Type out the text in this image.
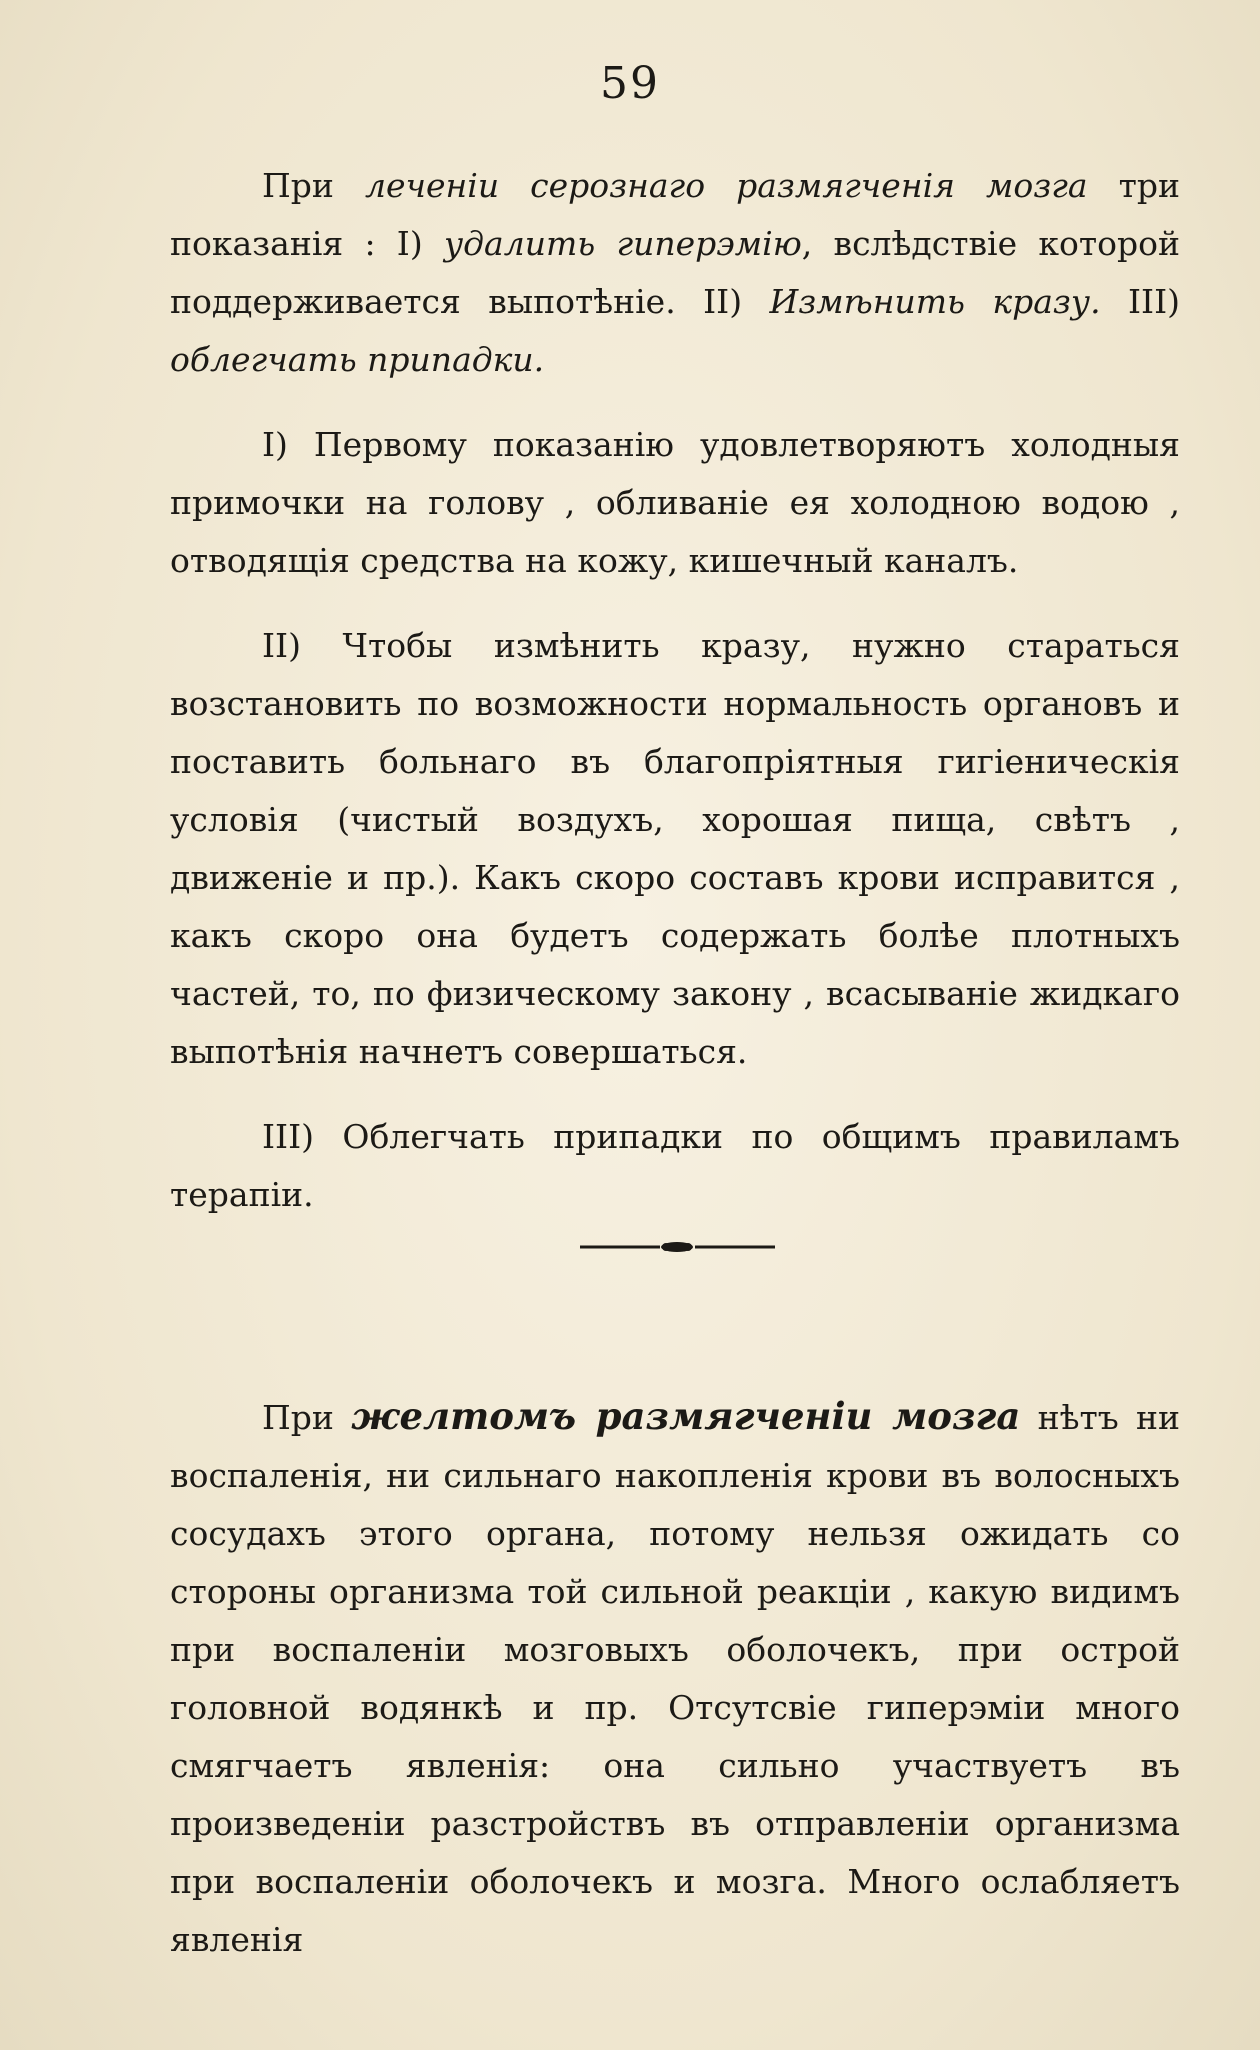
59

При леченіи серознаго размягченія мозга три показанія : I) удалить гиперэмію, вслѣдствіе которой поддерживается выпотѣніе. II) Измѣнить кразу. III) облегчать припадки.

I) Первому показанію удовлетворяютъ холодныя примочки на голову , обливаніе ея холодною водою , отводящія средства на кожу, кишечный каналъ.

II) Чтобы измѣнить кразу, нужно стараться возстановить по возможности нормальность органовъ и поставить больнаго въ благопріятныя гигіеническія условія (чистый воздухъ, хорошая пища, свѣтъ , движеніе и пр.). Какъ скоро составъ крови исправится , какъ скоро она будетъ содержать болѣе плотныхъ частей, то, по физическому закону , всасываніе жидкаго выпотѣнія начнетъ совершаться.

III) Облегчать припадки по общимъ правиламъ терапіи.

При желтомъ размягченіи мозга нѣтъ ни воспаленія, ни сильнаго накопленія крови въ волосныхъ сосудахъ этого органа, потому нельзя ожидать со стороны организма той сильной реакціи , какую видимъ при воспаленіи мозговыхъ оболочекъ, при острой головной водянкѣ и пр. Отсутсвіе гиперэміи много смягчаетъ явленія: она сильно участвуетъ въ произведеніи разстройствъ въ отправленіи организма при воспаленіи оболочекъ и мозга. Много ослабляетъ явленія
